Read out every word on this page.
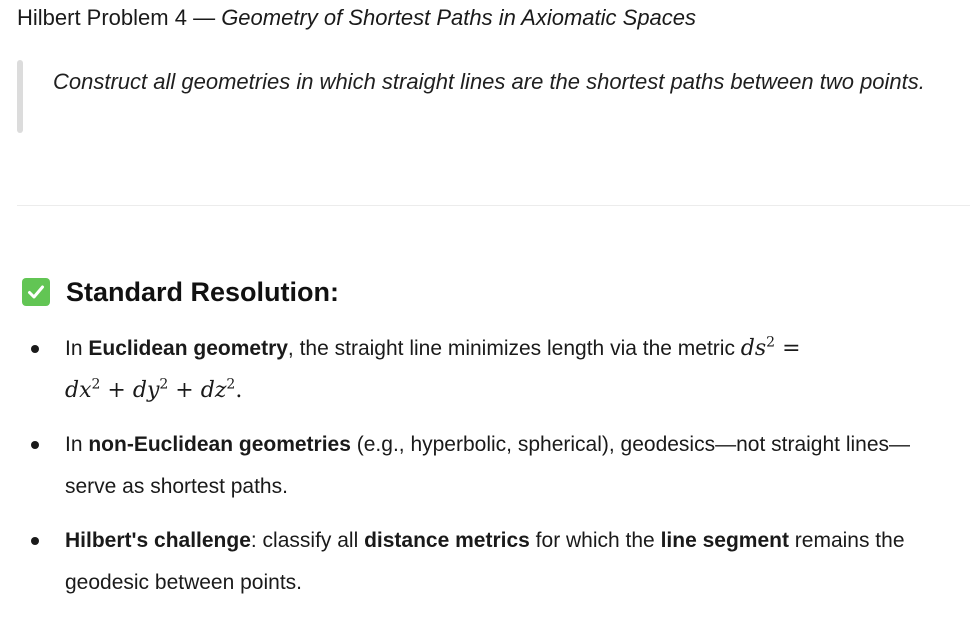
Hilbert Problem 4 — Geometry of Shortest Paths in Axiomatic Spaces
Construct all geometries in which straight lines are the shortest paths between two points.
Standard Resolution:
In Euclidean geometry, the straight line minimizes length via the metric $ds^2$ =
$dx^2 + dy^2 + dz^2$.
In non-Euclidean geometries (e.g., hyperbolic, spherical), geodesics—not straight lines—serve as shortest paths.
Hilbert's challenge: classify all distance metrics for which the line segment remains the geodesic between points.
